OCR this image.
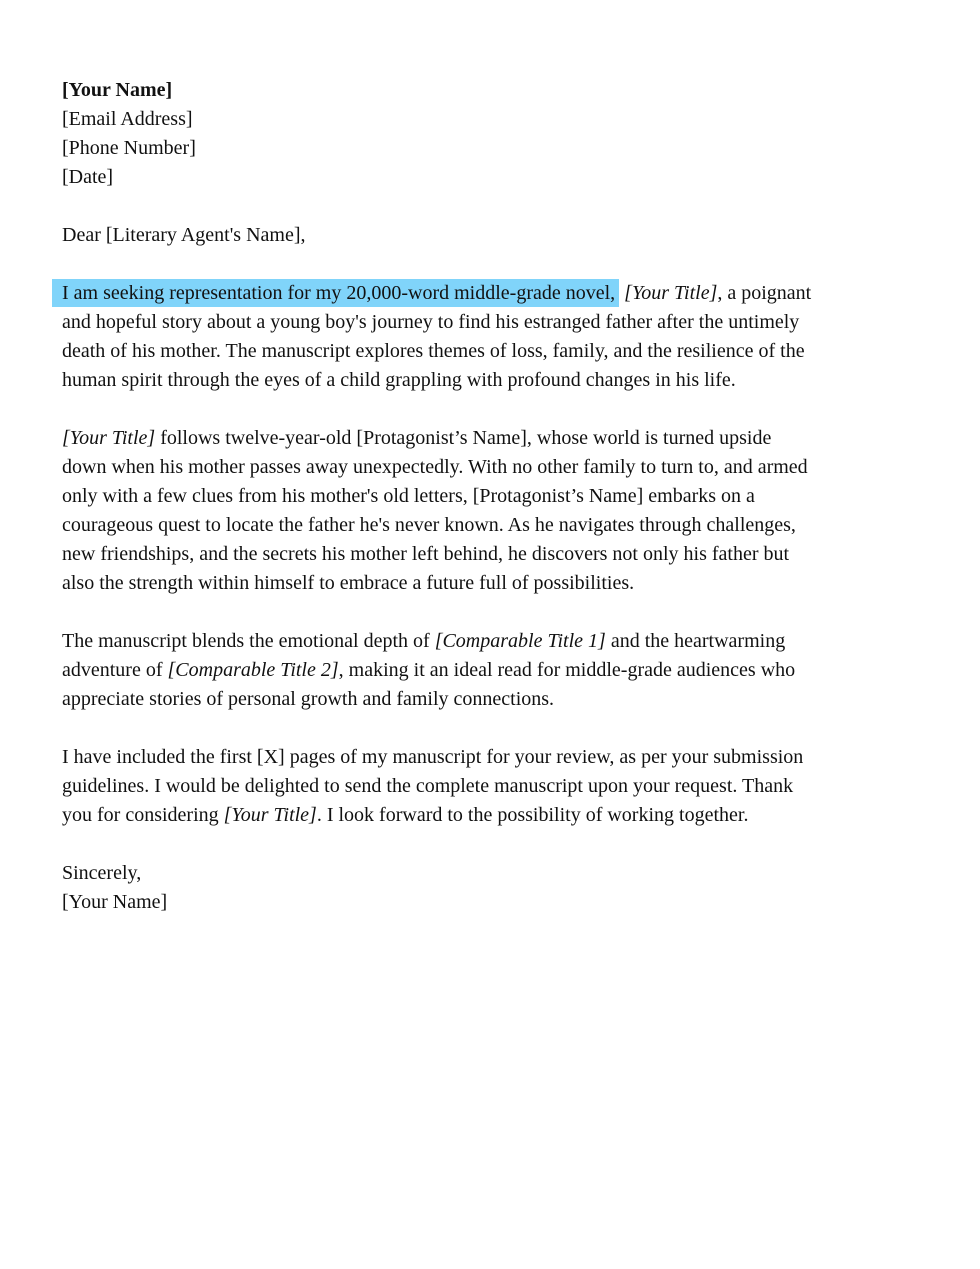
[Your Name]
[Email Address]
[Phone Number]
[Date]
Dear [Literary Agent's Name],
I am seeking representation for my 20,000-word middle-grade novel, [Your Title], a poignant
and hopeful story about a young boy's journey to find his estranged father after the untimely
death of his mother. The manuscript explores themes of loss, family, and the resilience of the
human spirit through the eyes of a child grappling with profound changes in his life.
[Your Title] follows twelve-year-old [Protagonist’s Name], whose world is turned upside
down when his mother passes away unexpectedly. With no other family to turn to, and armed
only with a few clues from his mother's old letters, [Protagonist’s Name] embarks on a
courageous quest to locate the father he's never known. As he navigates through challenges,
new friendships, and the secrets his mother left behind, he discovers not only his father but
also the strength within himself to embrace a future full of possibilities.
The manuscript blends the emotional depth of [Comparable Title 1] and the heartwarming
adventure of [Comparable Title 2], making it an ideal read for middle-grade audiences who
appreciate stories of personal growth and family connections.
I have included the first [X] pages of my manuscript for your review, as per your submission
guidelines. I would be delighted to send the complete manuscript upon your request. Thank
you for considering [Your Title]. I look forward to the possibility of working together.
Sincerely,
[Your Name]
